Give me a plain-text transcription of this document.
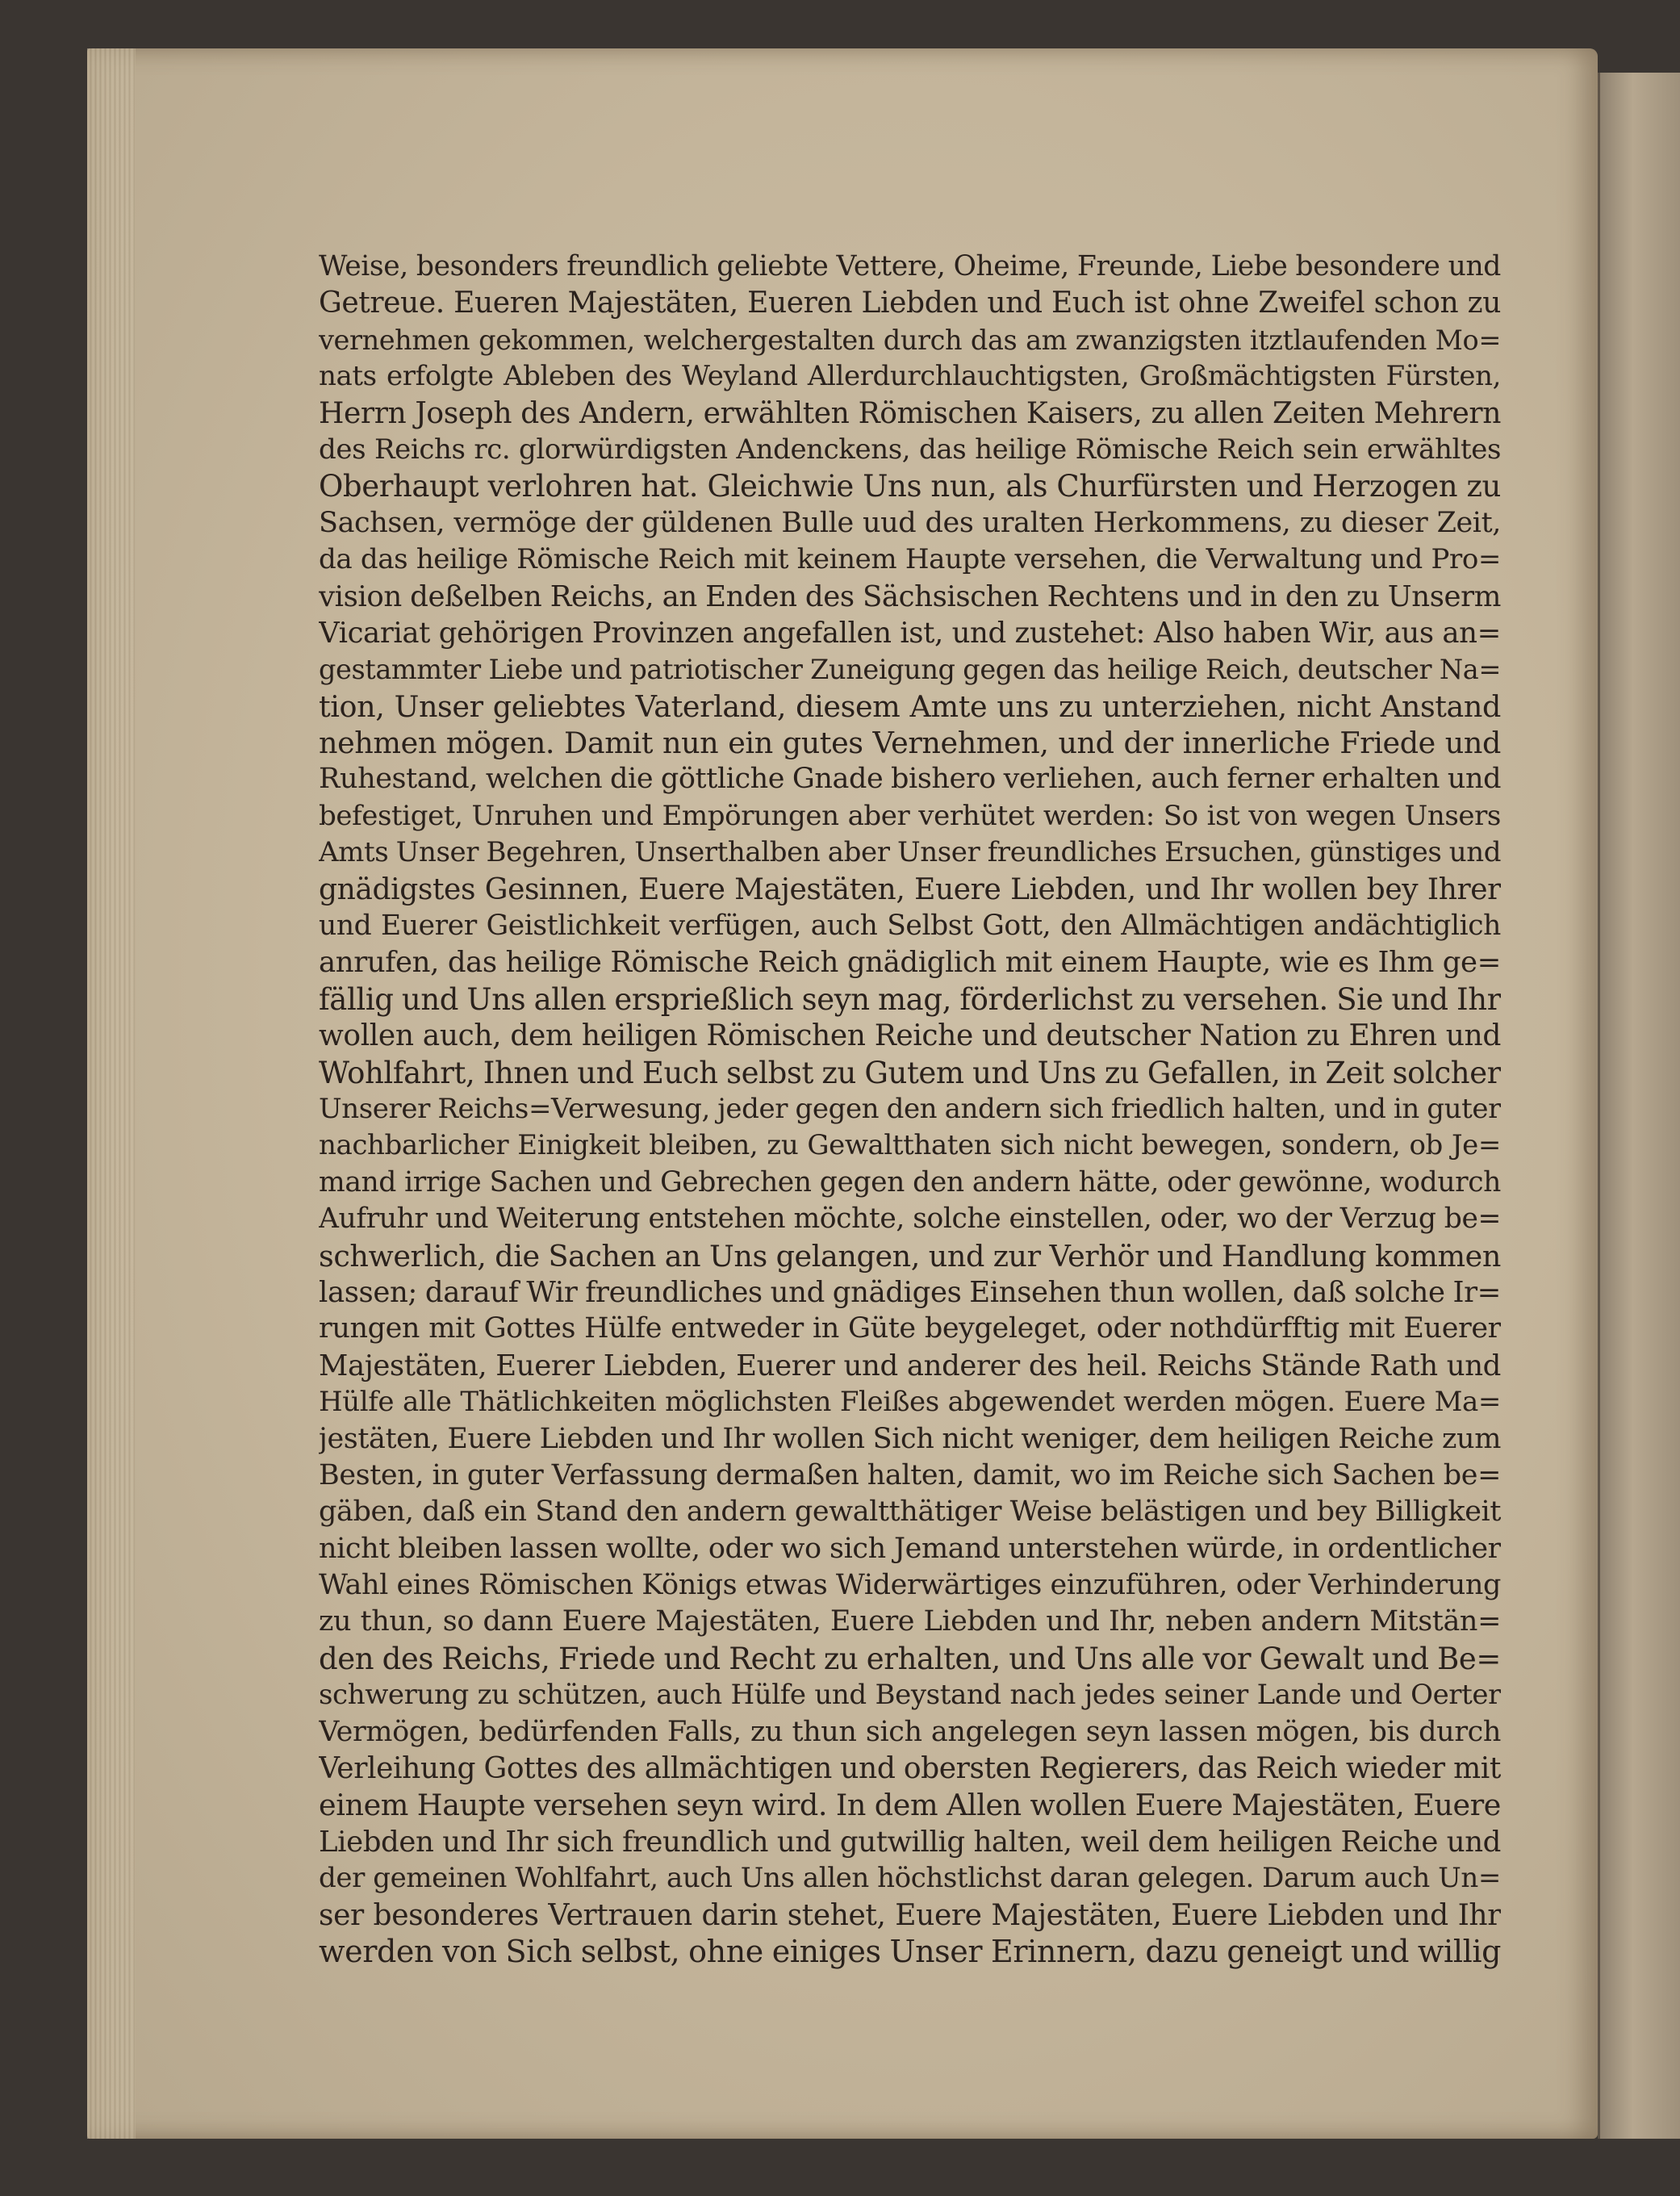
Weise, besonders freundlich geliebte Vettere, Oheime, Freunde, Liebe besondere und
Getreue. Eueren Majestäten, Eueren Liebden und Euch ist ohne Zweifel schon zu
vernehmen gekommen, welchergestalten durch das am zwanzigsten itztlaufenden Mo=
nats erfolgte Ableben des Weyland Allerdurchlauchtigsten, Großmächtigsten Fürsten,
Herrn Joseph des Andern, erwählten Römischen Kaisers, zu allen Zeiten Mehrern
des Reichs rc. glorwürdigsten Andenckens, das heilige Römische Reich sein erwähltes
Oberhaupt verlohren hat. Gleichwie Uns nun, als Churfürsten und Herzogen zu
Sachsen, vermöge der güldenen Bulle uud des uralten Herkommens, zu dieser Zeit,
da das heilige Römische Reich mit keinem Haupte versehen, die Verwaltung und Pro=
vision deßelben Reichs, an Enden des Sächsischen Rechtens und in den zu Unserm
Vicariat gehörigen Provinzen angefallen ist, und zustehet: Also haben Wir, aus an=
gestammter Liebe und patriotischer Zuneigung gegen das heilige Reich, deutscher Na=
tion, Unser geliebtes Vaterland, diesem Amte uns zu unterziehen, nicht Anstand
nehmen mögen. Damit nun ein gutes Vernehmen, und der innerliche Friede und
Ruhestand, welchen die göttliche Gnade bishero verliehen, auch ferner erhalten und
befestiget, Unruhen und Empörungen aber verhütet werden: So ist von wegen Unsers
Amts Unser Begehren, Unserthalben aber Unser freundliches Ersuchen, günstiges und
gnädigstes Gesinnen, Euere Majestäten, Euere Liebden, und Ihr wollen bey Ihrer
und Euerer Geistlichkeit verfügen, auch Selbst Gott, den Allmächtigen andächtiglich
anrufen, das heilige Römische Reich gnädiglich mit einem Haupte, wie es Ihm ge=
fällig und Uns allen ersprießlich seyn mag, förderlichst zu versehen. Sie und Ihr
wollen auch, dem heiligen Römischen Reiche und deutscher Nation zu Ehren und
Wohlfahrt, Ihnen und Euch selbst zu Gutem und Uns zu Gefallen, in Zeit solcher
Unserer Reichs=Verwesung, jeder gegen den andern sich friedlich halten, und in guter
nachbarlicher Einigkeit bleiben, zu Gewaltthaten sich nicht bewegen, sondern, ob Je=
mand irrige Sachen und Gebrechen gegen den andern hätte, oder gewönne, wodurch
Aufruhr und Weiterung entstehen möchte, solche einstellen, oder, wo der Verzug be=
schwerlich, die Sachen an Uns gelangen, und zur Verhör und Handlung kommen
lassen; darauf Wir freundliches und gnädiges Einsehen thun wollen, daß solche Ir=
rungen mit Gottes Hülfe entweder in Güte beygeleget, oder nothdürfftig mit Euerer
Majestäten, Euerer Liebden, Euerer und anderer des heil. Reichs Stände Rath und
Hülfe alle Thätlichkeiten möglichsten Fleißes abgewendet werden mögen. Euere Ma=
jestäten, Euere Liebden und Ihr wollen Sich nicht weniger, dem heiligen Reiche zum
Besten, in guter Verfassung dermaßen halten, damit, wo im Reiche sich Sachen be=
gäben, daß ein Stand den andern gewaltthätiger Weise belästigen und bey Billigkeit
nicht bleiben lassen wollte, oder wo sich Jemand unterstehen würde, in ordentlicher
Wahl eines Römischen Königs etwas Widerwärtiges einzuführen, oder Verhinderung
zu thun, so dann Euere Majestäten, Euere Liebden und Ihr, neben andern Mitstän=
den des Reichs, Friede und Recht zu erhalten, und Uns alle vor Gewalt und Be=
schwerung zu schützen, auch Hülfe und Beystand nach jedes seiner Lande und Oerter
Vermögen, bedürfenden Falls, zu thun sich angelegen seyn lassen mögen, bis durch
Verleihung Gottes des allmächtigen und obersten Regierers, das Reich wieder mit
einem Haupte versehen seyn wird. In dem Allen wollen Euere Majestäten, Euere
Liebden und Ihr sich freundlich und gutwillig halten, weil dem heiligen Reiche und
der gemeinen Wohlfahrt, auch Uns allen höchstlichst daran gelegen. Darum auch Un=
ser besonderes Vertrauen darin stehet, Euere Majestäten, Euere Liebden und Ihr
werden von Sich selbst, ohne einiges Unser Erinnern, dazu geneigt und willig
